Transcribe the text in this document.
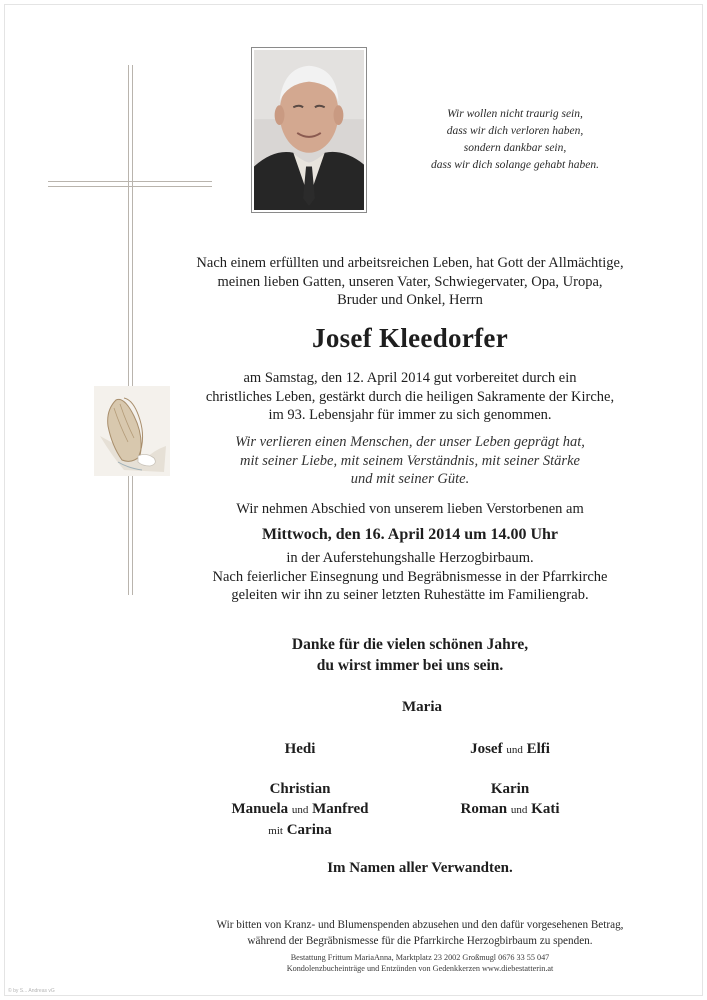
Wir wollen nicht traurig sein,
dass wir dich verloren haben,
sondern dankbar sein,
dass wir dich solange gehabt haben.
Nach einem erfüllten und arbeitsreichen Leben, hat Gott der Allmächtige,
meinen lieben Gatten, unseren Vater, Schwiegervater, Opa, Uropa,
Bruder und Onkel, Herrn
Josef Kleedorfer
am Samstag, den 12. April 2014 gut vorbereitet durch ein
christliches Leben, gestärkt durch die heiligen Sakramente der Kirche,
im 93. Lebensjahr für immer zu sich genommen.
Wir verlieren einen Menschen, der unser Leben geprägt hat,
mit seiner Liebe, mit seinem Verständnis, mit seiner Stärke
und mit seiner Güte.
Wir nehmen Abschied von unserem lieben Verstorbenen am
Mittwoch, den 16. April 2014 um 14.00 Uhr
in der Auferstehungshalle Herzogbirbaum.
Nach feierlicher Einsegnung und Begräbnismesse in der Pfarrkirche
geleiten wir ihn zu seiner letzten Ruhestätte im Familiengrab.
Danke für die vielen schönen Jahre,
du wirst immer bei uns sein.
Maria
Hedi	Josef und Elfi
Christian
Manuela und Manfred
mit Carina
Karin
Roman und Kati
Im Namen aller Verwandten.
Wir bitten von Kranz- und Blumenspenden abzusehen und den dafür vorgesehenen Betrag,
während der Begräbnismesse für die Pfarrkirche Herzogbirbaum zu spenden.
Bestattung Frittum MariaAnna, Marktplatz 23 2002 Großmugl 0676 33 55 047
Kondolenzbucheinträge und Entzünden von Gedenkkerzen www.diebestatterin.at
© by S... Andreas vG
